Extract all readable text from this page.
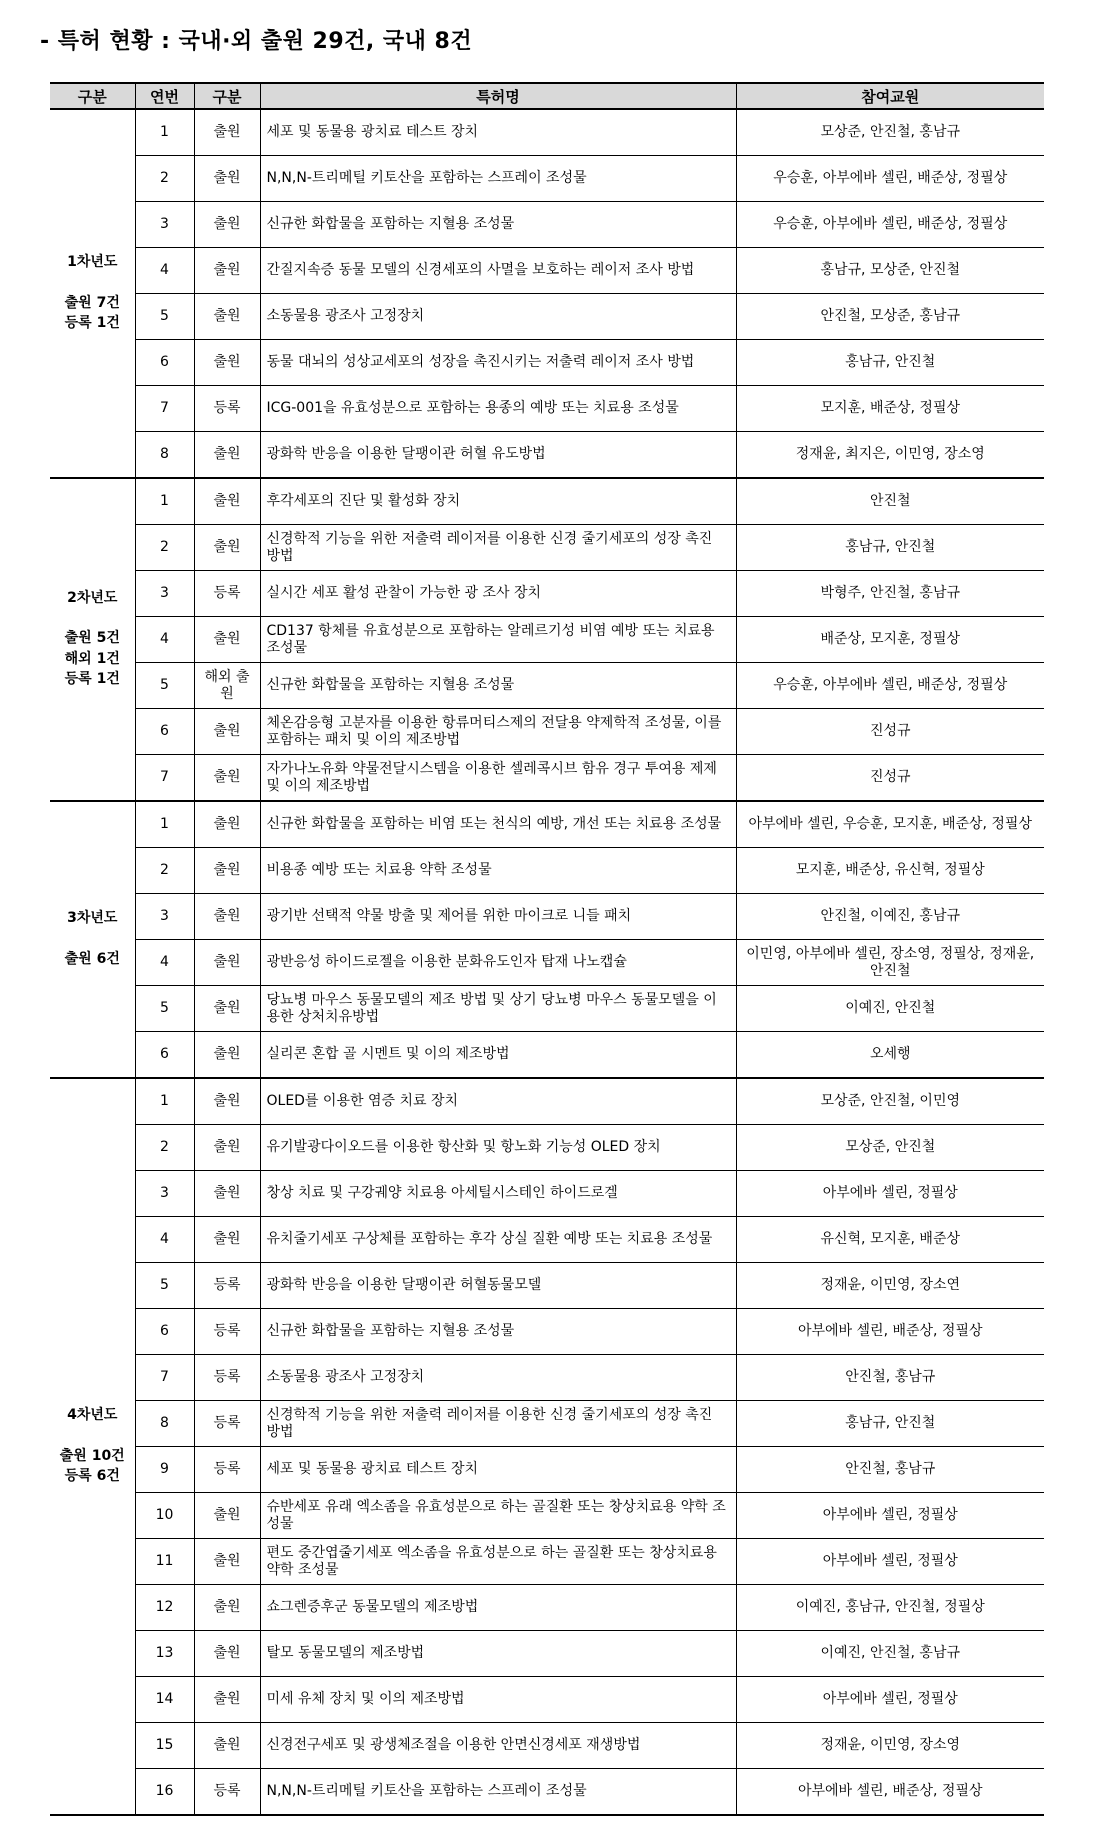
- 특허 현황 : 국내·외 출원 29건, 국내 8건
구분	연번	구분	특허명	참여교원

1차년도
출원 7건
등록 1건	1	출원	세포 및 동물용 광치료 테스트 장치	모상준, 안진철, 홍남규
	2	출원	N,N,N-트리메틸 키토산을 포함하는 스프레이 조성물	우승훈, 아부에바 셀린, 배준상, 정필상
	3	출원	신규한 화합물을 포함하는 지혈용 조성물	우승훈, 아부에바 셀린, 배준상, 정필상
	4	출원	간질지속증 동물 모델의 신경세포의 사멸을 보호하는 레이저 조사 방법	홍남규, 모상준, 안진철
	5	출원	소동물용 광조사 고정장치	안진철, 모상준, 홍남규
	6	출원	동물 대뇌의 성상교세포의 성장을 촉진시키는 저출력 레이저 조사 방법	홍남규, 안진철
	7	등록	ICG-001을 유효성분으로 포함하는 용종의 예방 또는 치료용 조성물	모지훈, 배준상, 정필상
	8	출원	광화학 반응을 이용한 달팽이관 허혈 유도방법	정재윤, 최지은, 이민영, 장소영

2차년도
출원 5건
해외 1건
등록 1건	1	출원	후각세포의 진단 및 활성화 장치	안진철
	2	출원	신경학적 기능을 위한 저출력 레이저를 이용한 신경 줄기세포의 성장 촉진 방법	홍남규, 안진철
	3	등록	실시간 세포 활성 관찰이 가능한 광 조사 장치	박형주, 안진철, 홍남규
	4	출원	CD137 항체를 유효성분으로 포함하는 알레르기성 비염 예방 또는 치료용 조성물	배준상, 모지훈, 정필상
	5	해외 출원	신규한 화합물을 포함하는 지혈용 조성물	우승훈, 아부에바 셀린, 배준상, 정필상
	6	출원	체온감응형 고분자를 이용한 항류머티스제의 전달용 약제학적 조성물, 이를 포함하는 패치 및 이의 제조방법	진성규
	7	출원	자가나노유화 약물전달시스템을 이용한 셀레콕시브 함유 경구 투여용 제제 및 이의 제조방법	진성규

3차년도
출원 6건	1	출원	신규한 화합물을 포함하는 비염 또는 천식의 예방, 개선 또는 치료용 조성물	아부에바 셀린, 우승훈, 모지훈, 배준상, 정필상
	2	출원	비용종 예방 또는 치료용 약학 조성물	모지훈, 배준상, 유신혁, 정필상
	3	출원	광기반 선택적 약물 방출 및 제어를 위한 마이크로 니들 패치	안진철, 이예진, 홍남규
	4	출원	광반응성 하이드로젤을 이용한 분화유도인자 탑재 나노캡슐	이민영, 아부에바 셀린, 장소영, 정필상, 정재윤, 안진철
	5	출원	당뇨병 마우스 동물모델의 제조 방법 및 상기 당뇨병 마우스 동물모델을 이용한 상처치유방법	이예진, 안진철
	6	출원	실리콘 혼합 골 시멘트 및 이의 제조방법	오세행

4차년도
출원 10건
등록 6건	1	출원	OLED를 이용한 염증 치료 장치	모상준, 안진철, 이민영
	2	출원	유기발광다이오드를 이용한 항산화 및 항노화 기능성 OLED 장치	모상준, 안진철
	3	출원	창상 치료 및 구강궤양 치료용 아세틸시스테인 하이드로겔	아부에바 셀린, 정필상
	4	출원	유치줄기세포 구상체를 포함하는 후각 상실 질환 예방 또는 치료용 조성물	유신혁, 모지훈, 배준상
	5	등록	광화학 반응을 이용한 달팽이관 허혈동물모델	정재윤, 이민영, 장소연
	6	등록	신규한 화합물을 포함하는 지혈용 조성물	아부에바 셀린, 배준상, 정필상
	7	등록	소동물용 광조사 고정장치	안진철, 홍남규
	8	등록	신경학적 기능을 위한 저출력 레이저를 이용한 신경 줄기세포의 성장 촉진 방법	홍남규, 안진철
	9	등록	세포 및 동물용 광치료 테스트 장치	안진철, 홍남규
	10	출원	슈반세포 유래 엑소좀을 유효성분으로 하는 골질환 또는 창상치료용 약학 조성물	아부에바 셀린, 정필상
	11	출원	편도 중간엽줄기세포 엑소좀을 유효성분으로 하는 골질환 또는 창상치료용 약학 조성물	아부에바 셀린, 정필상
	12	출원	쇼그렌증후군 동물모델의 제조방법	이예진, 홍남규, 안진철, 정필상
	13	출원	탈모 동물모델의 제조방법	이예진, 안진철, 홍남규
	14	출원	미세 유체 장치 및 이의 제조방법	아부에바 셀린, 정필상
	15	출원	신경전구세포 및 광생체조절을 이용한 안면신경세포 재생방법	정재윤, 이민영, 장소영
	16	등록	N,N,N-트리메틸 키토산을 포함하는 스프레이 조성물	아부에바 셀린, 배준상, 정필상
